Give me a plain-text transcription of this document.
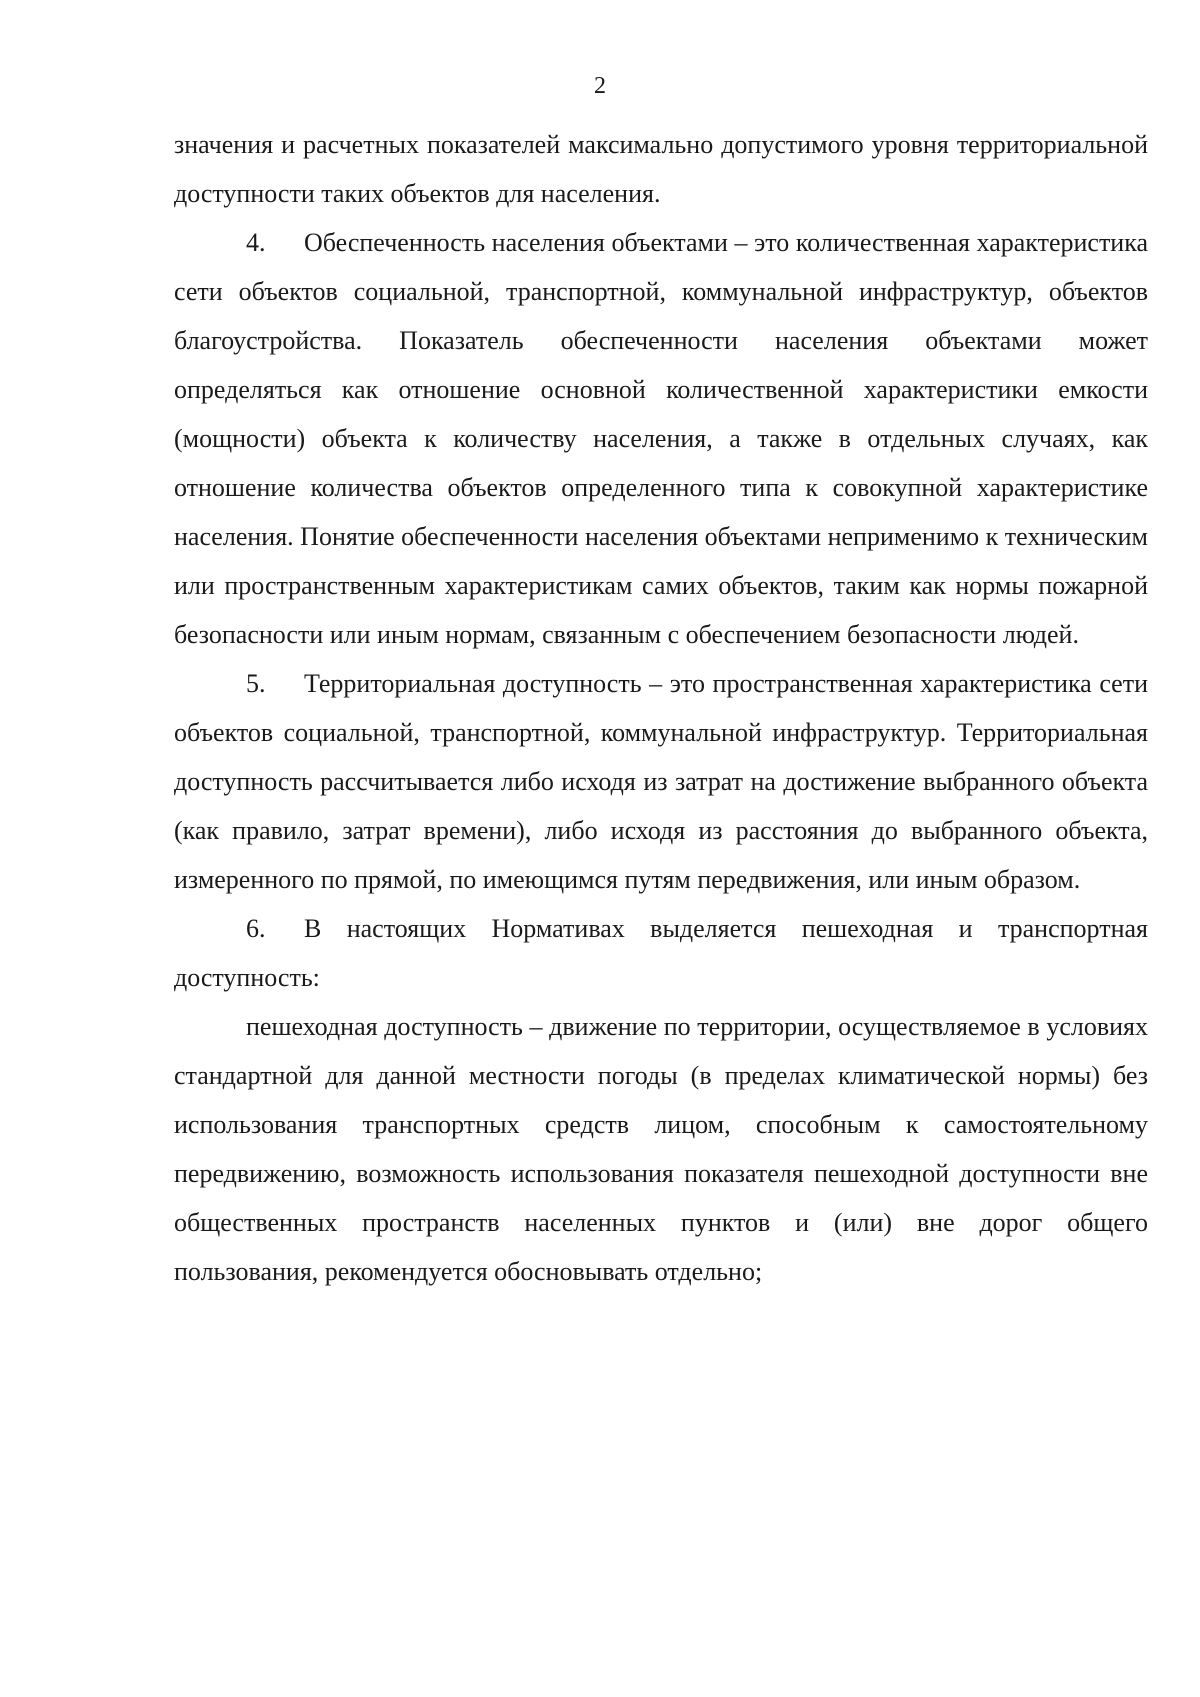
2

значения и расчетных показателей максимально допустимого уровня территориальной доступности таких объектов для населения.

4. Обеспеченность населения объектами – это количественная характеристика сети объектов социальной, транспортной, коммунальной инфраструктур, объектов благоустройства. Показатель обеспеченности населения объектами может определяться как отношение основной количественной характеристики емкости (мощности) объекта к количеству населения, а также в отдельных случаях, как отношение количества объектов определенного типа к совокупной характеристике населения. Понятие обеспеченности населения объектами неприменимо к техническим или пространственным характеристикам самих объектов, таким как нормы пожарной безопасности или иным нормам, связанным с обеспечением безопасности людей.

5. Территориальная доступность – это пространственная характеристика сети объектов социальной, транспортной, коммунальной инфраструктур. Территориальная доступность рассчитывается либо исходя из затрат на достижение выбранного объекта (как правило, затрат времени), либо исходя из расстояния до выбранного объекта, измеренного по прямой, по имеющимся путям передвижения, или иным образом.

6. В настоящих Нормативах выделяется пешеходная и транспортная доступность:

пешеходная доступность – движение по территории, осуществляемое в условиях стандартной для данной местности погоды (в пределах климатической нормы) без использования транспортных средств лицом, способным к самостоятельному передвижению, возможность использования показателя пешеходной доступности вне общественных пространств населенных пунктов и (или) вне дорог общего пользования, рекомендуется обосновывать отдельно;
